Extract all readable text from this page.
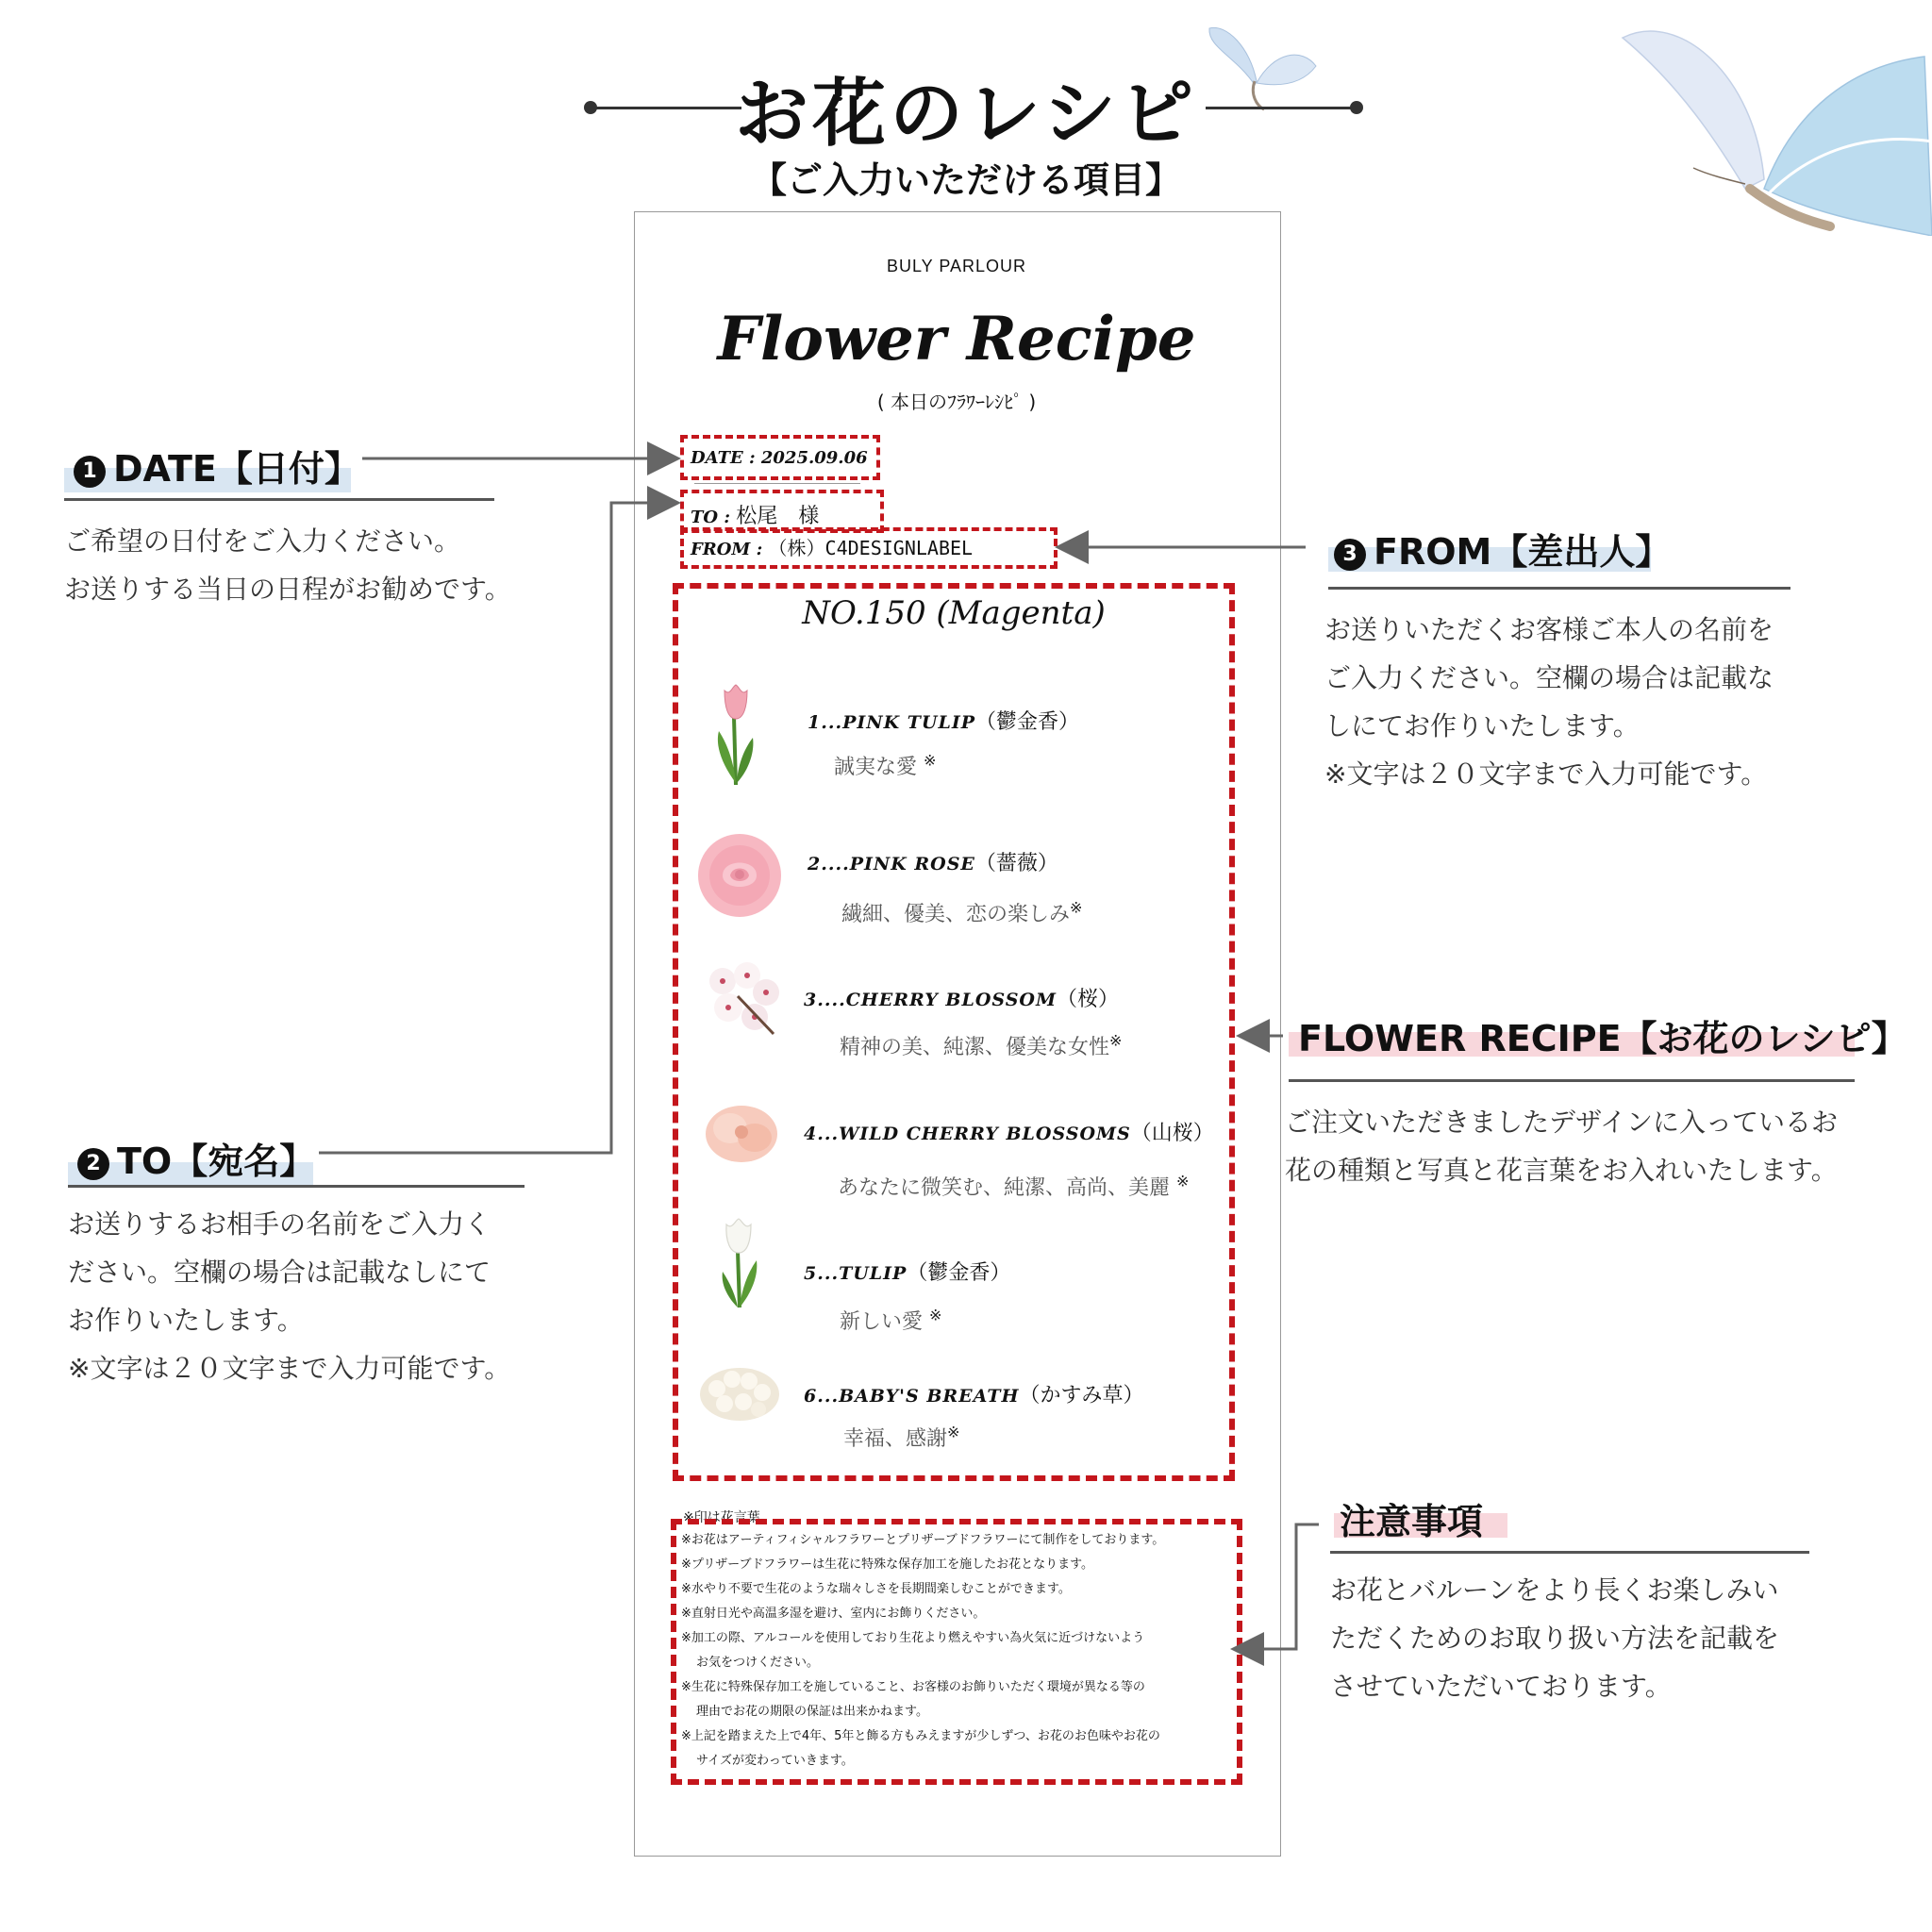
お花のレシピ
【ご入力いただける項目】
BULY PARLOUR
Flower Recipe
( 本日のﾌﾗﾜｰﾚｼﾋﾟ )
DATE : 2025.09.06
TO : 松尾　様
FROM : （株）C4DESIGNLABEL
NO.150 (Magenta)
1...PINK TULIP（鬱金香）
誠実な愛 ※
2....PINK ROSE（薔薇）
繊細、優美、恋の楽しみ※
3....CHERRY BLOSSOM（桜）
精神の美、純潔、優美な女性※
4...WILD CHERRY BLOSSOMS（山桜）
あなたに微笑む、純潔、高尚、美麗 ※
5...TULIP（鬱金香）
新しい愛 ※
6...BABY'S BREATH（かすみ草）
幸福、感謝※
※印は花言葉
※お花はアーティフィシャルフラワーとプリザーブドフラワーにて制作をしております。
※プリザーブドフラワーは生花に特殊な保存加工を施したお花となります。
※水やり不要で生花のような瑞々しさを長期間楽しむことができます。
※直射日光や高温多湿を避け、室内にお飾りください。
※加工の際、アルコールを使用しており生花より燃えやすい為火気に近づけないよう
お気をつけください。
※生花に特殊保存加工を施していること、お客様のお飾りいただく環境が異なる等の
理由でお花の期限の保証は出来かねます。
※上記を踏まえた上で4年、5年と飾る方もみえますが少しずつ、お花のお色味やお花の
サイズが変わっていきます。
1 DATE【日付】
ご希望の日付をご入力ください。
お送りする当日の日程がお勧めです。
2 TO【宛名】
お送りするお相手の名前をご入力く
ださい。空欄の場合は記載なしにて
お作りいたします。
※文字は２０文字まで入力可能です。
3 FROM【差出人】
お送りいただくお客様ご本人の名前を
ご入力ください。空欄の場合は記載な
しにてお作りいたします。
※文字は２０文字まで入力可能です。
FLOWER RECIPE【お花のレシピ】
ご注文いただきましたデザインに入っているお
花の種類と写真と花言葉をお入れいたします。
注意事項
お花とバルーンをより長くお楽しみい
ただくためのお取り扱い方法を記載を
させていただいております。
